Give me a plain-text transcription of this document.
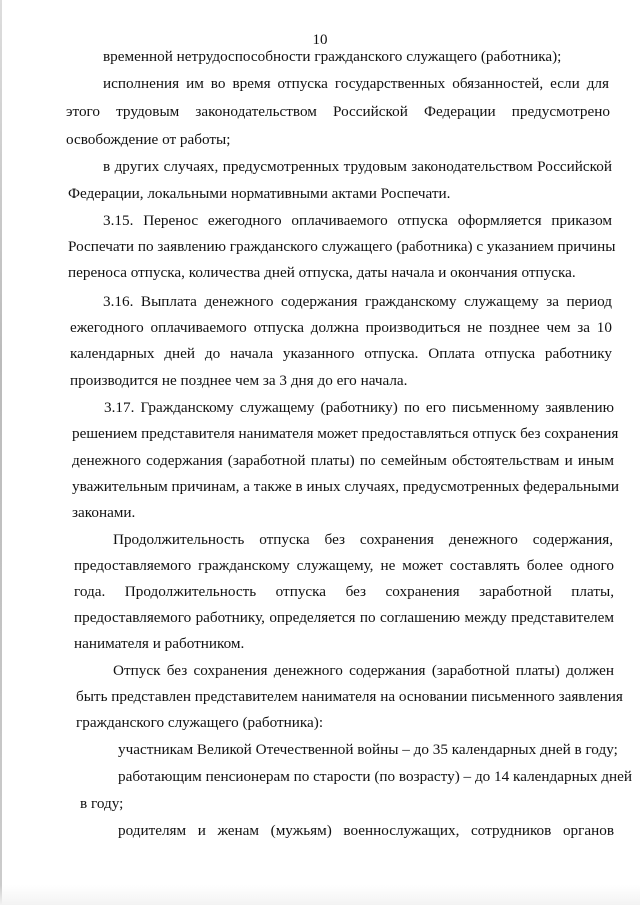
10
временной нетрудоспособности гражданского служащего (работника);
исполнения им во время отпуска государственных обязанностей, если для
этого трудовым законодательством Российской Федерации предусмотрено
освобождение от работы;
в других случаях, предусмотренных трудовым законодательством Российской
Федерации, локальными нормативными актами Роспечати.
3.15. Перенос ежегодного оплачиваемого отпуска оформляется приказом
Роспечати по заявлению гражданского служащего (работника) с указанием причины
переноса отпуска, количества дней отпуска, даты начала и окончания отпуска.
3.16. Выплата денежного содержания гражданскому служащему за период
ежегодного оплачиваемого отпуска должна производиться не позднее чем за 10
календарных дней до начала указанного отпуска. Оплата отпуска работнику
производится не позднее чем за 3 дня до его начала.
3.17. Гражданскому служащему (работнику) по его письменному заявлению
решением представителя нанимателя может предоставляться отпуск без сохранения
денежного содержания (заработной платы) по семейным обстоятельствам и иным
уважительным причинам, а также в иных случаях, предусмотренных федеральными
законами.
Продолжительность отпуска без сохранения денежного содержания,
предоставляемого гражданскому служащему, не может составлять более одного
года. Продолжительность отпуска без сохранения заработной платы,
предоставляемого работнику, определяется по соглашению между представителем
нанимателя и работником.
Отпуск без сохранения денежного содержания (заработной платы) должен
быть представлен представителем нанимателя на основании письменного заявления
гражданского служащего (работника):
участникам Великой Отечественной войны – до 35 календарных дней в году;
работающим пенсионерам по старости (по возрасту) – до 14 календарных дней
в году;
родителям и женам (мужьям) военнослужащих, сотрудников органов
